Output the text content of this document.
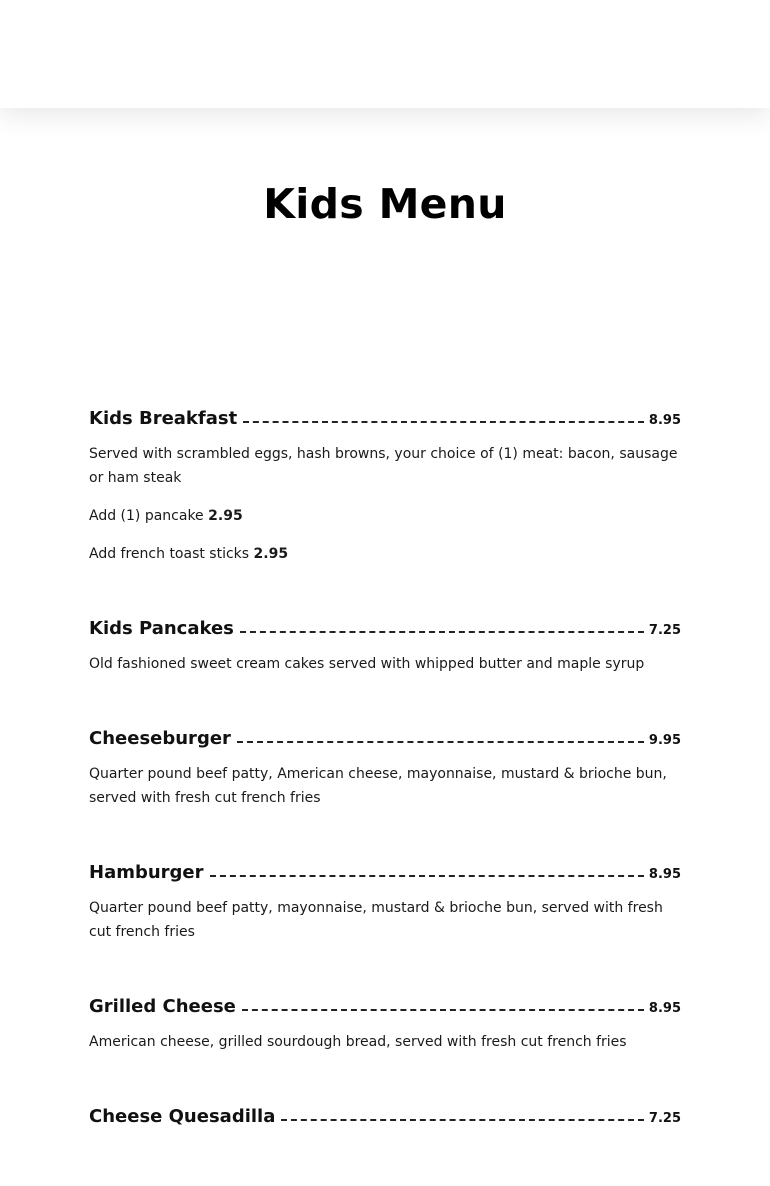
Kids Menu
Kids Breakfast	8.95

Served with scrambled eggs, hash browns, your choice of (1) meat: bacon, sausage or ham steak

Add (1) pancake 2.95

Add french toast sticks 2.95

Kids Pancakes	7.25

Old fashioned sweet cream cakes served with whipped butter and maple syrup

Cheeseburger	9.95

Quarter pound beef patty, American cheese, mayonnaise, mustard & brioche bun, served with fresh cut french fries

Hamburger	8.95

Quarter pound beef patty, mayonnaise, mustard & brioche bun, served with fresh cut french fries

Grilled Cheese	8.95

American cheese, grilled sourdough bread, served with fresh cut french fries

Cheese Quesadilla	7.25
